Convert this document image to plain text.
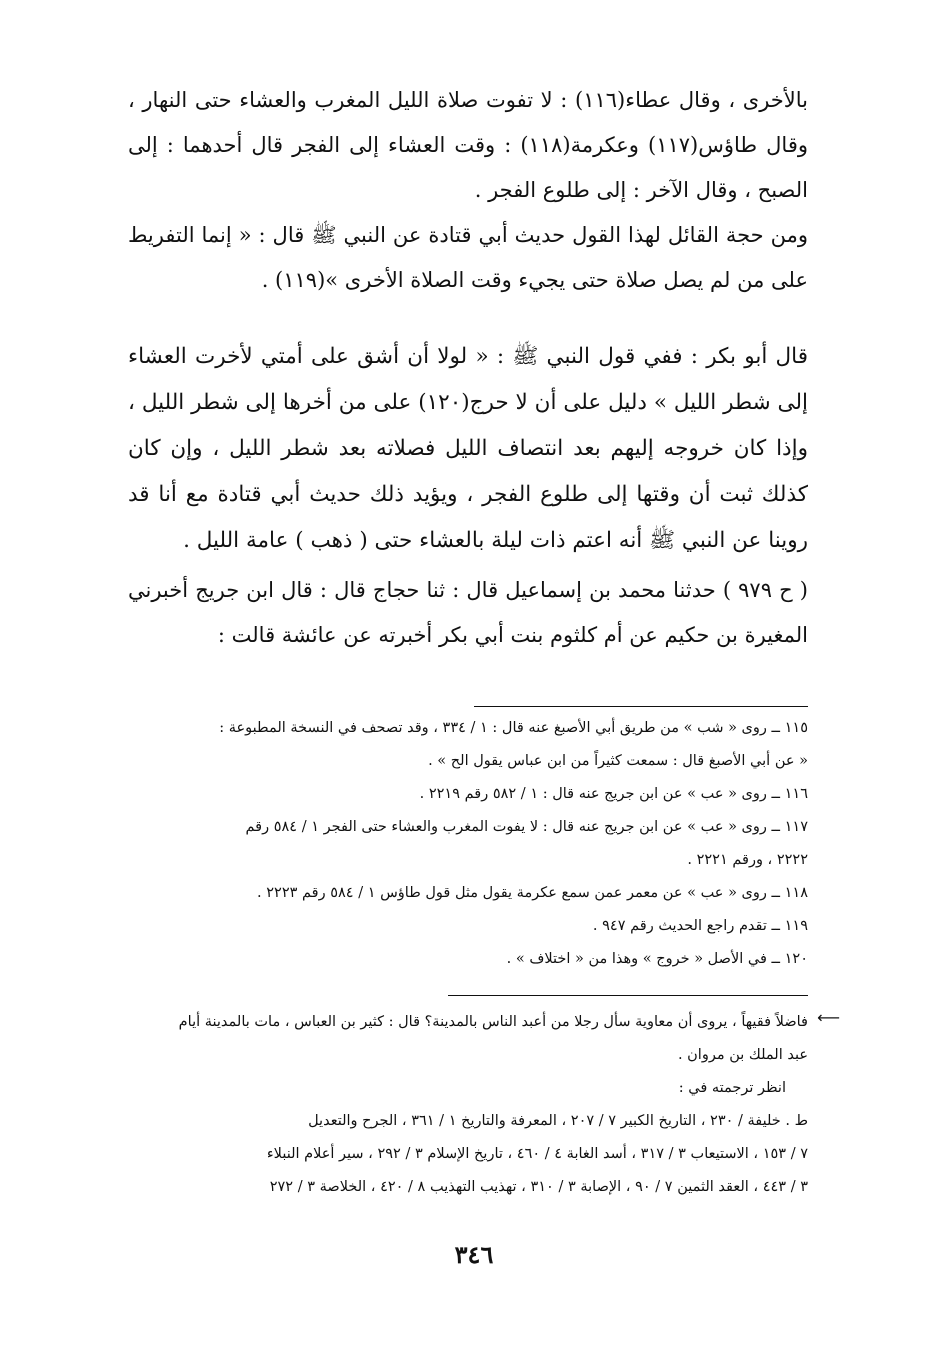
بالأخرى ، وقال عطاء(١١٦) : لا تفوت صلاة الليل المغرب والعشاء حتى النهار ، وقال طاؤس(١١٧) وعكرمة(١١٨) : وقت العشاء إلى الفجر قال أحدهما : إلى الصبح ، وقال الآخر : إلى طلوع الفجر .

ومن حجة القائل لهذا القول حديث أبي قتادة عن النبي ﷺ قال : « إنما التفريط على من لم يصل صلاة حتى يجيء وقت الصلاة الأخرى »(١١٩) .

قال أبو بكر : ففي قول النبي ﷺ : « لولا أن أشق على أمتي لأخرت العشاء إلى شطر الليل » دليل على أن لا حرج(١٢٠) على من أخرها إلى شطر الليل ، وإذا كان خروجه إليهم بعد انتصاف الليل فصلاته بعد شطر الليل ، وإن كان كذلك ثبت أن وقتها إلى طلوع الفجر ، ويؤيد ذلك حديث أبي قتادة مع أنا قد روينا عن النبي ﷺ أنه اعتم ذات ليلة بالعشاء حتى ( ذهب ) عامة الليل .

( ح ٩٧٩ ) حدثنا محمد بن إسماعيل قال : ثنا حجاج قال : قال ابن جريج أخبرني المغيرة بن حكيم عن أم كلثوم بنت أبي بكر أخبرته عن عائشة قالت :

١١٥ ــ روى « شب » من طريق أبي الأصبغ عنه قال : ١ / ٣٣٤ ، وقد تصحف في النسخة المطبوعة :

« عن أبي الأصبغ قال : سمعت كثيراً من ابن عباس يقول الح » .

١١٦ ــ روى « عب » عن ابن جريج عنه قال : ١ / ٥٨٢ رقم ٢٢١٩ .

١١٧ ــ روى « عب » عن ابن جريج عنه قال : لا يفوت المغرب والعشاء حتى الفجر ١ / ٥٨٤ رقم

٢٢٢٢ ، ورقم ٢٢٢١ .

١١٨ ــ روى « عب » عن معمر عمن سمع عكرمة يقول مثل قول طاؤس ١ / ٥٨٤ رقم ٢٢٢٣ .

١١٩ ــ تقدم راجع الحديث رقم ٩٤٧ .

١٢٠ ــ في الأصل « خروج » وهذا من « اختلاف » .

⟵

فاضلاً فقيهاً ، يروى أن معاوية سأل رجلا من أعبد الناس بالمدينة؟ قال : كثير بن العباس ، مات بالمدينة أيام

عبد الملك بن مروان .

انظر ترجمته في :

ط . خليفة / ٢٣٠ ، التاريخ الكبير ٧ / ٢٠٧ ، المعرفة والتاريخ ١ / ٣٦١ ، الجرح والتعديل

٧ / ١٥٣ ، الاستيعاب ٣ / ٣١٧ ، أسد الغابة ٤ / ٤٦٠ ، تاريخ الإسلام ٣ / ٢٩٢ ، سير أعلام النبلاء

٣ / ٤٤٣ ، العقد الثمين ٧ / ٩٠ ، الإصابة ٣ / ٣١٠ ، تهذيب التهذيب ٨ / ٤٢٠ ، الخلاصة ٣ / ٢٧٢

٣٤٦
